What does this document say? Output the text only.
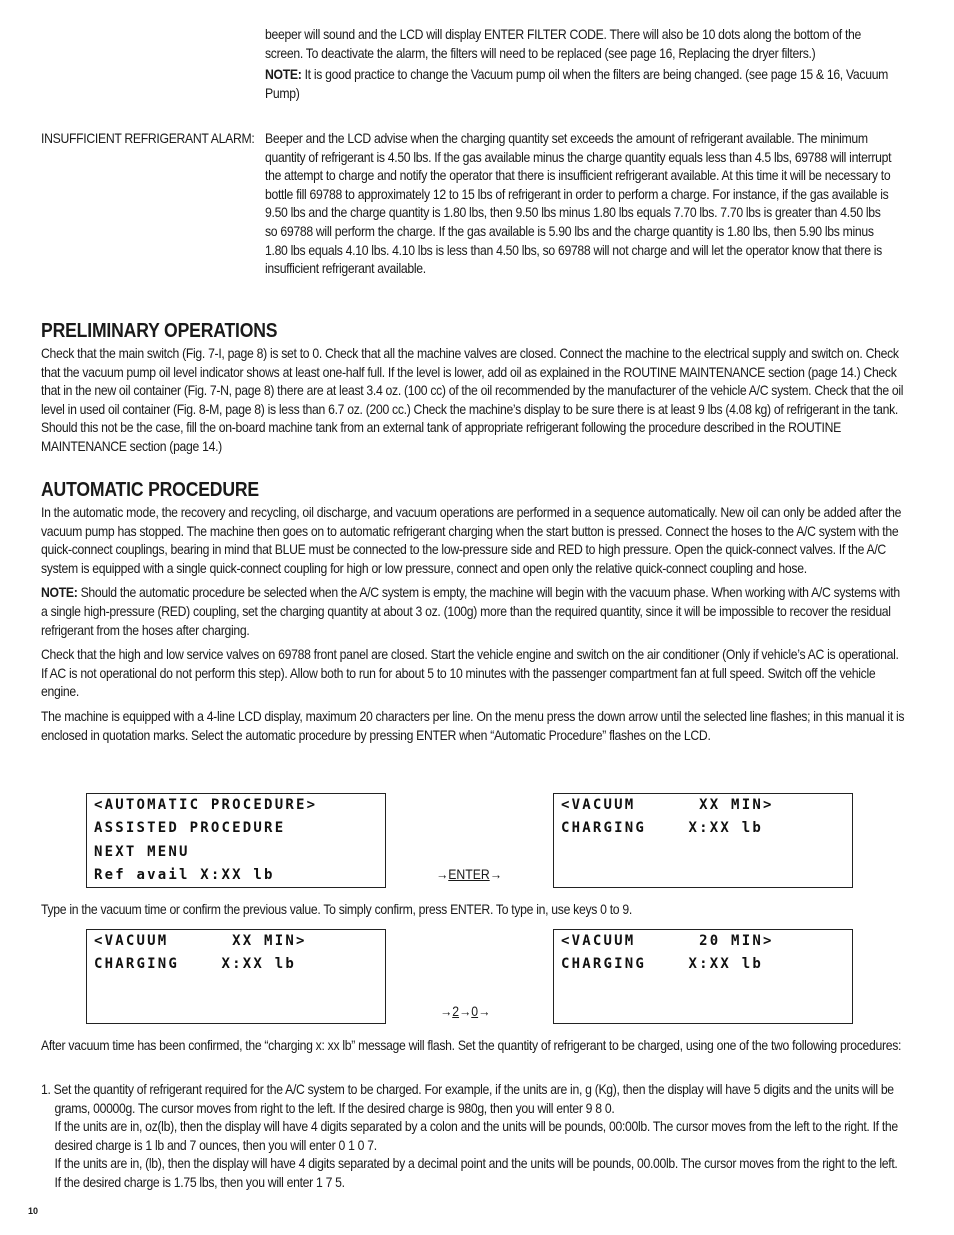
beeper will sound and the LCD will display ENTER FILTER CODE. There will also be 10 dots along the bottom of the screen. To deactivate the alarm, the filters will need to be replaced (see page 16, Replacing the dryer filters.)

NOTE: It is good practice to change the Vacuum pump oil when the filters are being changed. (see page 15 & 16, Vacuum Pump)

INSUFFICIENT REFRIGERANT ALARM: Beeper and the LCD advise when the charging quantity set exceeds the amount of refrigerant available. The minimum quantity of refrigerant is 4.50 lbs. If the gas available minus the charge quantity equals less than 4.5 lbs, 69788 will interrupt the attempt to charge and notify the operator that there is insufficient refrigerant available. At this time it will be necessary to bottle fill 69788 to approximately 12 to 15 lbs of refrigerant in order to perform a charge. For instance, if the gas available is 9.50 lbs and the charge quantity is 1.80 lbs, then 9.50 lbs minus 1.80 lbs equals 7.70 lbs. 7.70 lbs is greater than 4.50 lbs so 69788 will perform the charge. If the gas available is 5.90 lbs and the charge quantity is 1.80 lbs, then 5.90 lbs minus 1.80 lbs equals 4.10 lbs. 4.10 lbs is less than 4.50 lbs, so 69788 will not charge and will let the operator know that there is insufficient refrigerant available.
PRELIMINARY OPERATIONS
Check that the main switch (Fig. 7-I, page 8) is set to 0. Check that all the machine valves are closed. Connect the machine to the electrical supply and switch on. Check that the vacuum pump oil level indicator shows at least one-half full. If the level is lower, add oil as explained in the ROUTINE MAINTENANCE section (page 14.) Check that in the new oil container (Fig. 7-N, page 8) there are at least 3.4 oz. (100 cc) of the oil recommended by the manufacturer of the vehicle A/C system. Check that the oil level in used oil container (Fig. 8-M, page 8) is less than 6.7 oz. (200 cc.) Check the machine’s display to be sure there is at least 9 lbs (4.08 kg) of refrigerant in the tank. Should this not be the case, fill the on-board machine tank from an external tank of appropriate refrigerant following the procedure described in the ROUTINE MAINTENANCE section (page 14.)
AUTOMATIC PROCEDURE

In the automatic mode, the recovery and recycling, oil discharge, and vacuum operations are performed in a sequence automatically. New oil can only be added after the vacuum pump has stopped. The machine then goes on to automatic refrigerant charging when the start button is pressed. Connect the hoses to the A/C system with the quick-connect couplings, bearing in mind that BLUE must be connected to the low-pressure side and RED to high pressure. Open the quick-connect valves. If the A/C system is equipped with a single quick-connect coupling for high or low pressure, connect and open only the relative quick-connect coupling and hose.

NOTE: Should the automatic procedure be selected when the A/C system is empty, the machine will begin with the vacuum phase. When working with A/C systems with a single high-pressure (RED) coupling, set the charging quantity at about 3 oz. (100g) more than the required quantity, since it will be impossible to recover the residual refrigerant from the hoses after charging.

Check that the high and low service valves on 69788 front panel are closed. Start the vehicle engine and switch on the air conditioner (Only if vehicle’s AC is operational. If AC is not operational do not perform this step). Allow both to run for about 5 to 10 minutes with the passenger compartment fan at full speed. Switch off the vehicle engine.

The machine is equipped with a 4-line LCD display, maximum 20 characters per line. On the menu press the down arrow until the selected line flashes; in this manual it is enclosed in quotation marks. Select the automatic procedure by pressing ENTER when “Automatic Procedure” flashes on the LCD.

<AUTOMATIC PROCEDURE>
ASSISTED PROCEDURE
NEXT MENU
Ref avail X:XX lb	→ENTER→
<VACUUM      XX MIN>
CHARGING    X:XX lb
Type in the vacuum time or confirm the previous value. To simply confirm, press ENTER. To type in, use keys 0 to 9.
<VACUUM      XX MIN>
CHARGING    X:XX lb
→2→0→
<VACUUM      20 MIN>
CHARGING    X:XX lb
After vacuum time has been confirmed, the “charging x: xx lb” message will flash. Set the quantity of refrigerant to be charged, using one of the two following procedures:

1. Set the quantity of refrigerant required for the A/C system to be charged. For example, if the units are in, g (Kg), then the display will have 5 digits and the units will be grams, 00000g. The cursor moves from right to the left. If the desired charge is 980g, then you will enter 9 8 0.

If the units are in, oz(lb), then the display will have 4 digits separated by a colon and the units will be pounds, 00:00lb. The cursor moves from the left to the right. If the desired charge is 1 lb and 7 ounces, then you will enter 0 1 0 7.

If the units are in, (lb), then the display will have 4 digits separated by a decimal point and the units will be pounds, 00.00lb. The cursor moves from the right to the left. If the desired charge is 1.75 lbs, then you will enter 1 7 5.

10
